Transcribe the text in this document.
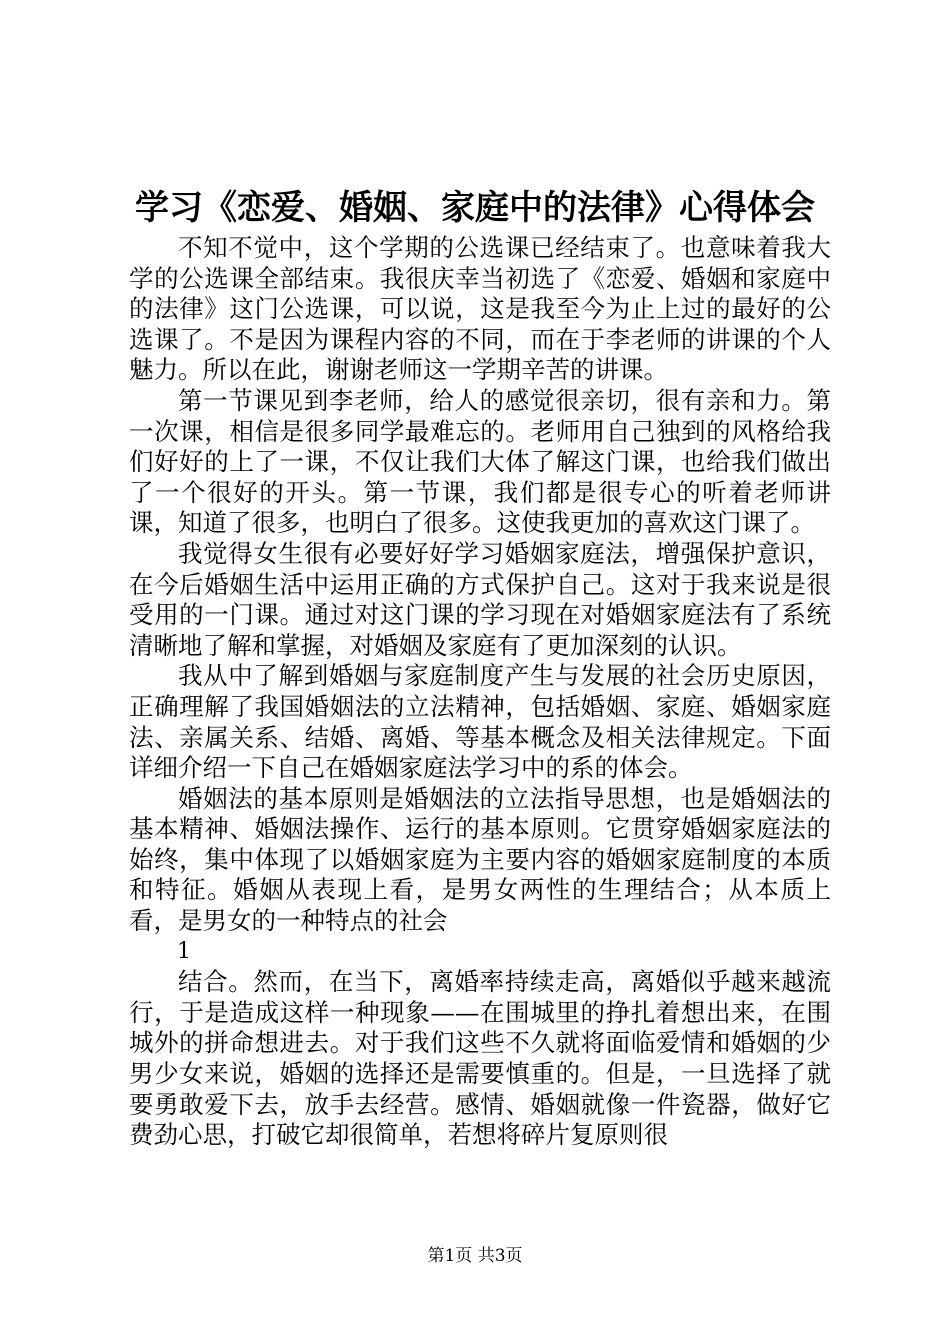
学习《恋爱、婚姻、家庭中的法律》心得体会

不知不觉中，这个学期的公选课已经结束了。也意味着我大学的公选课全部结束。我很庆幸当初选了《恋爱、婚姻和家庭中的法律》这门公选课，可以说，这是我至今为止上过的最好的公选课了。不是因为课程内容的不同，而在于李老师的讲课的个人魅力。所以在此，谢谢老师这一学期辛苦的讲课。

第一节课见到李老师，给人的感觉很亲切，很有亲和力。第一次课，相信是很多同学最难忘的。老师用自己独到的风格给我们好好的上了一课，不仅让我们大体了解这门课，也给我们做出了一个很好的开头。第一节课，我们都是很专心的听着老师讲课，知道了很多，也明白了很多。这使我更加的喜欢这门课了。

我觉得女生很有必要好好学习婚姻家庭法，增强保护意识，在今后婚姻生活中运用正确的方式保护自己。这对于我来说是很受用的一门课。通过对这门课的学习现在对婚姻家庭法有了系统清晰地了解和掌握，对婚姻及家庭有了更加深刻的认识。

我从中了解到婚姻与家庭制度产生与发展的社会历史原因，正确理解了我国婚姻法的立法精神，包括婚姻、家庭、婚姻家庭法、亲属关系、结婚、离婚、等基本概念及相关法律规定。下面详细介绍一下自己在婚姻家庭法学习中的系的体会。

婚姻法的基本原则是婚姻法的立法指导思想，也是婚姻法的基本精神、婚姻法操作、运行的基本原则。它贯穿婚姻家庭法的始终，集中体现了以婚姻家庭为主要内容的婚姻家庭制度的本质和特征。婚姻从表现上看，是男女两性的生理结合；从本质上看，是男女的一种特点的社会

1

结合。然而，在当下，离婚率持续走高，离婚似乎越来越流行，于是造成这样一种现象——在围城里的挣扎着想出来，在围城外的拼命想进去。对于我们这些不久就将面临爱情和婚姻的少男少女来说，婚姻的选择还是需要慎重的。但是，一旦选择了就要勇敢爱下去，放手去经营。感情、婚姻就像一件瓷器，做好它费劲心思，打破它却很简单，若想将碎片复原则很

第1页 共3页
